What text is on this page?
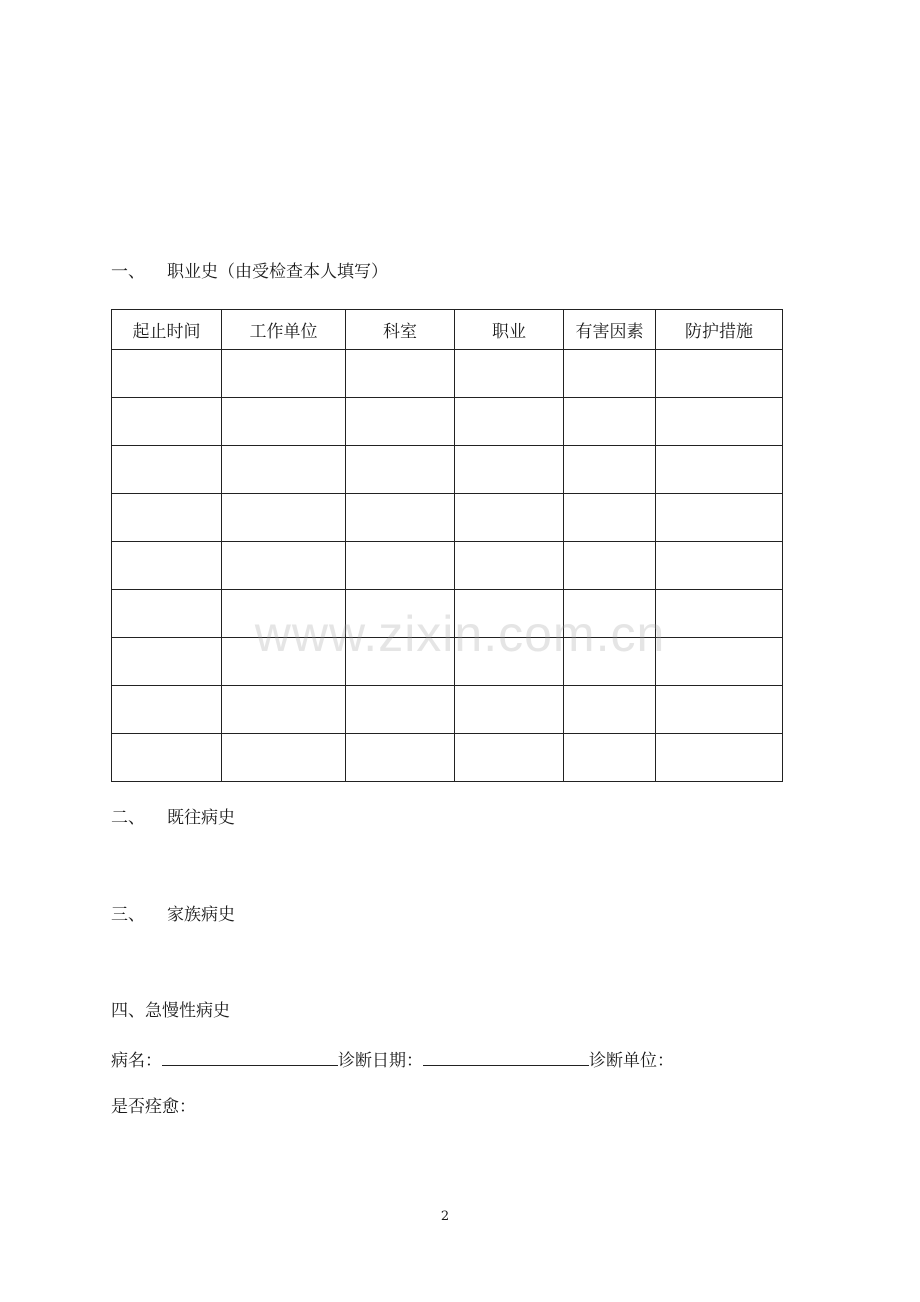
一、 职业史（由受检查本人填写）
起止时间	工作单位	科室	职业	有害因素	防护措施

www.zixin.com.cn
二、 既往病史
三、 家族病史
四、急慢性病史
病名：	诊断日期：	诊断单位：
是否痊愈：
2
